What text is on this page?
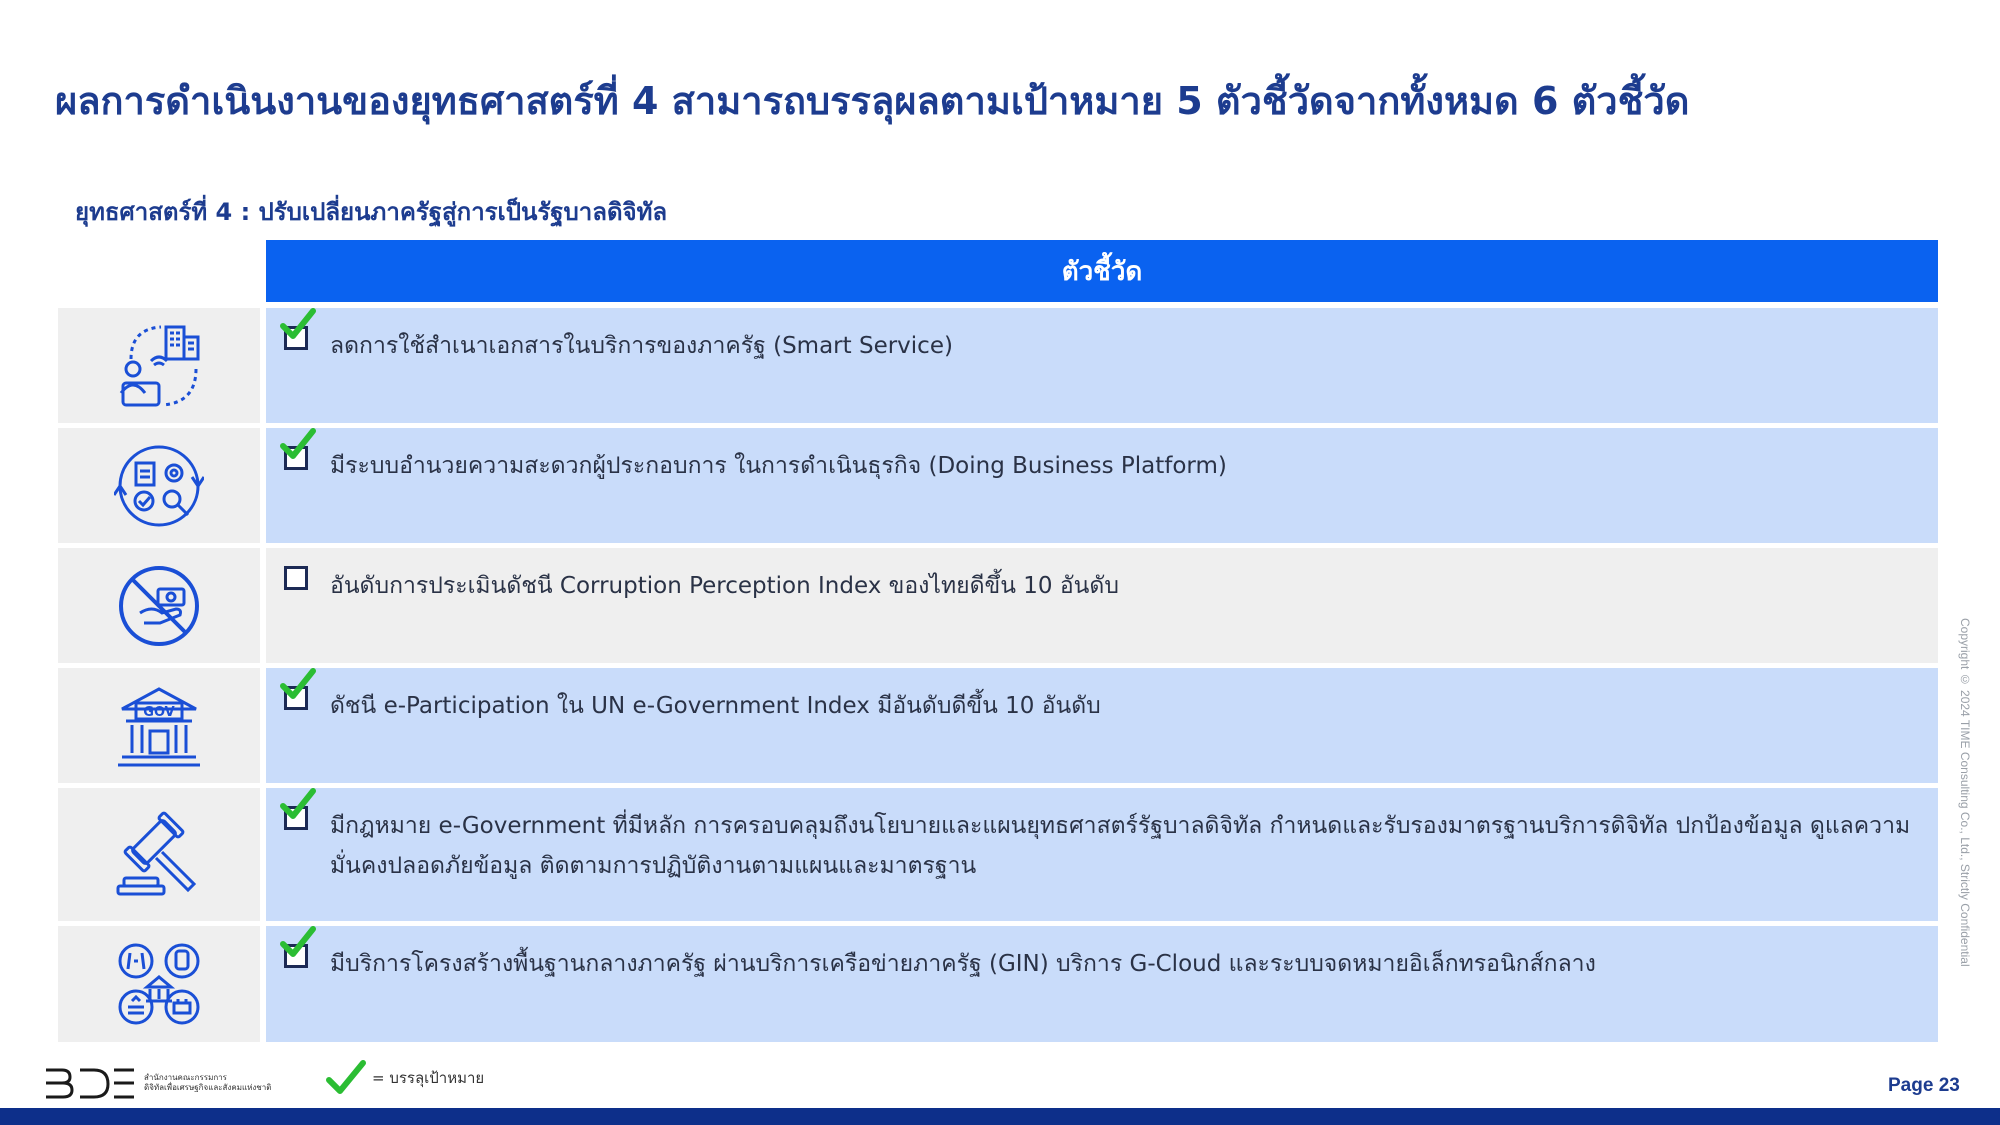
ผลการดำเนินงานของยุทธศาสตร์ที่ 4 สามารถบรรลุผลตามเป้าหมาย 5 ตัวชี้วัดจากทั้งหมด 6 ตัวชี้วัด
ยุทธศาสตร์ที่ 4 : ปรับเปลี่ยนภาครัฐสู่การเป็นรัฐบาลดิจิทัล
ตัวชี้วัด
ลดการใช้สำเนาเอกสารในบริการของภาครัฐ (Smart Service)
มีระบบอำนวยความสะดวกผู้ประกอบการ ในการดำเนินธุรกิจ (Doing Business Platform)
อันดับการประเมินดัชนี Corruption Perception Index ของไทยดีขึ้น 10 อันดับ
GOV	ดัชนี e-Participation ใน UN e-Government Index มีอันดับดีขึ้น 10 อันดับ
มีกฎหมาย e-Government ที่มีหลัก การครอบคลุมถึงนโยบายและแผนยุทธศาสตร์รัฐบาลดิจิทัล กำหนดและรับรองมาตรฐานบริการดิจิทัล ปกป้องข้อมูล ดูแลความมั่นคงปลอดภัยข้อมูล ติดตามการปฏิบัติงานตามแผนและมาตรฐาน
มีบริการโครงสร้างพื้นฐานกลางภาครัฐ ผ่านบริการเครือข่ายภาครัฐ (GIN) บริการ G-Cloud และระบบจดหมายอิเล็กทรอนิกส์กลาง	Copyright © 2024 TIME Consulting Co., Ltd., Strictly Confidential
สำนักงานคณะกรรมการ
ดิจิทัลเพื่อเศรษฐกิจและสังคมแห่งชาติ
= บรรลุเป้าหมาย	Page 23
